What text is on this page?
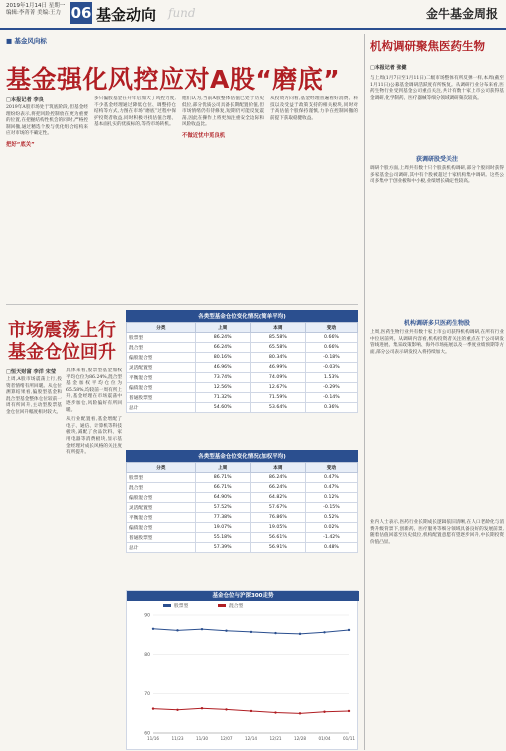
2019年1月14日 星期一
编辑:李菁菁 美编:王力 06 基金动向 fund	金牛基金周报
■ 基金风向标
基金强化风控应对A股“磨底”
□本报记者 李良
2019年A股市场处于筑底阶段,但基金经理纷纷表示,将把风险控制放在更为重要的位置,在把握结构性机会的同时,严格控制回撤,通过精选个股与优化组合结构来应对市场的不确定性。
把好“底关”
多只偏股基金在开年后加大了风控力度,不少基金经理通过降低仓位、调整持仓结构等方式,力图在市场“磨底”过程中保护投资者收益,同时积极寻找估值合理、基本面扎实的优质标的,等待市场转机。
他们认为,当前A股整体估值已处于历史低位,部分优质公司具备长期配置价值,但市场情绪仍有待修复,短期仍可能反复震荡,因此在操作上将更加注重安全边际和风险收益比。
不做近忧中觅良机
从投资方向看,基金经理普遍看好消费、科技以及受益于政策支持的相关板块,同时对于高估值个股保持谨慎,力争在控制回撤的前提下获取稳健收益。
市场震荡上行
基金仓位回升
□恒天财富 李洋 宋莹
上周,A股市场震荡上行,投资者情绪有所回暖。从仓位测算结果看,偏股型基金和混合型基金整体仓位较前一周有所回升,主动型股票基金仓位回升幅度相对较大。
具体来看,股票型基金加权平均仓位为86.24%,混合型基金加权平均仓位为65.58%,均较前一周有所上升,基金经理在市场震荡中逐步加仓,风险偏好有所回暖。
从行业配置看,基金增配了电子、通信、计算机等科技板块,减配了食品饮料、家用电器等消费板块,显示基金经理对成长风格的关注度有所提升。
各类型基金仓位变化情况(简单平均)
分类	上周	本周	变动
股票型	86.24%	85.58%	0.66%
混合型	66.24%	65.58%	0.66%
偏股混合型	80.16%	80.34%	-0.18%
灵活配置型	46.96%	46.99%	-0.03%
平衡混合型	73.74%	74.09%	1.53%
偏债混合型	12.56%	12.67%	-0.29%
普通股票型	71.32%	71.59%	-0.14%
总计	54.60%	53.64%	0.36%
各类型基金仓位变化情况(加权平均)
分类	上周	本周	变动
股票型	86.71%	86.24%	0.47%
混合型	66.71%	66.24%	0.47%
偏股混合型	64.90%	64.82%	0.12%
灵活配置型	57.52%	57.67%	-0.15%
平衡混合型	77.38%	76.86%	0.52%
偏债混合型	19.07%	19.05%	0.02%
普通股票型	55.18%	56.61%	-1.42%
总计	57.39%	56.91%	0.48%
基金仓位与沪深300走势
60
70
80
90
11/16	11/23	11/30	12/07	12/14	12/21	12/28	01/04	01/11
股票型	混合型
机构调研聚焦医药生物
□本报记者 张健
与上周(1月7日至1月11日)二级市场整体有所反弹一样,本周(截至1月11日)公募基金调研活跃度有所恢复。从调研行业分布来看,医药生物行业受到基金公司重点关注,共计有数十家上市公司获得基金调研,化学制药、医疗器械等细分领域调研频次较高。
获调研股受关注
调研个股方面,上周共有数十只个股获机构调研,部分个股同时获得多家基金公司调研,其中有个股被超过十家机构集中调研。这些公司多集中于创业板和中小板,业绩增长确定性较高。
机构调研多只医药生物股
上周,医药生物行业共有数十家上市公司获得机构调研,在所有行业中位居前列。从调研内容看,机构投资者关注的重点在于公司研发管线进展、集采政策影响、海外市场拓展以及一季度业绩预期等方面,部分公司表示研发投入将持续加大。
业内人士表示,医药行业长期成长逻辑依旧清晰,在人口老龄化与消费升级背景下,创新药、医疗服务等细分领域具备良好的发展前景,随着估值回落至历史低位,机构配置意愿有望逐步回升,中长期投资价值凸显。
